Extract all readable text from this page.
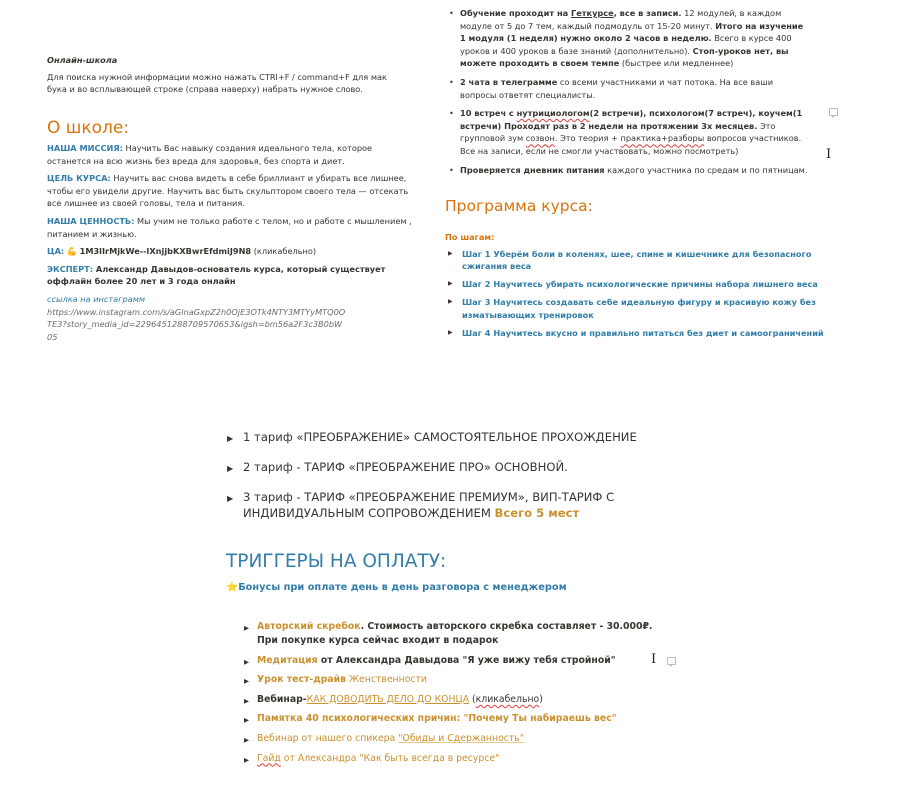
Онлайн-школа
Для поиска нужной информации можно нажать CTRl+F / command+F для мак бука и во всплывающей строке (справа наверху) набрать нужное слово.
О школе:
НАША МИССИЯ: Научить Вас навыку создания идеального тела, которое останется на всю жизнь без вреда для здоровья, без спорта и диет.
ЦЕЛЬ КУРСА: Научить вас снова видеть в себе бриллиант и убирать все лишнее, чтобы его увидели другие. Научить вас быть скульптором своего тела — отсекать все лишнее из своей головы, тела и питания.
НАША ЦЕННОСТЬ: Мы учим не только работе с телом, но и работе с мышлением , питанием и жизнью.
ЦА: 💪 1M3lIrMjkWe--lXnjjbKXBwrEfdmiJ9N8 (кликабельно)
ЭКСПЕРТ: Александр Давыдов-основатель курса, который существует оффлайн более 20 лет и 3 года онлайн
ссылка на инстаграмм
https://www.instagram.com/s/aGlnaGxpZ2h0OjE3OTk4NTY3MTYyMTQ0OTE3?story_media_id=2296451288709570653&igsh=bm56a2F3c3B0bW05
• Обучение проходит на Геткурсе, все в записи. 12 модулей, в каждом модуле от 5 до 7 тем, каждый подмодуль от 15-20 минут. Итого на изучение 1 модуля (1 неделя) нужно около 2 часов в неделю. Всего в курсе 400 уроков и 400 уроков в базе знаний (дополнительно). Стоп-уроков нет, вы можете проходить в своем темпе (быстрее или медленнее)
• 2 чата в телеграмме со всеми участниками и чат потока. На все ваши вопросы ответят специалисты.
• 10 встреч с нутрициологом(2 встречи), психологом(7 встреч), коучем(1 встречи) Проходят раз в 2 недели на протяжении 3х месяцев. Это групповой зум созвон. Это теория + практика+разборы вопросов участников. Все на записи, если не смогли участвовать, можно посмотреть)
• Проверяется дневник питания каждого участника по средам и по пятницам.
I
Программа курса:
По шагам:
▶ Шаг 1 Уберём боли в коленях, шее, спине и кишечнике для безопасного сжигания веса
▶ Шаг 2 Научитесь убирать психологические причины набора лишнего веса
▶ Шаг 3 Научитесь создавать себе идеальную фигуру и красивую кожу без изматывающих тренировок
▶ Шаг 4 Научитесь вкусно и правильно питаться без диет и самоограничений
▶ 1 тариф «ПРЕОБРАЖЕНИЕ» САМОСТОЯТЕЛЬНОЕ ПРОХОЖДЕНИЕ
▶ 2 тариф - ТАРИФ «ПРЕОБРАЖЕНИЕ ПРО» ОСНОВНОЙ.
▶ 3 тариф - ТАРИФ «ПРЕОБРАЖЕНИЕ ПРЕМИУМ», ВИП-ТАРИФ С ИНДИВИДУАЛЬНЫМ СОПРОВОЖДЕНИЕМ Всего 5 мест
ТРИГГЕРЫ НА ОПЛАТУ:
⭐Бонусы при оплате день в день разговора с менеджером
▶ Авторский скребок. Стоимость авторского скребка составляет - 30.000₽. При покупке курса сейчас входит в подарок
▶ Медитация от Александра Давыдова "Я уже вижу тебя стройной"
▶ Урок тест-драйв Женственности
▶ Вебинар-КАК ДОВОДИТЬ ДЕЛО ДО КОНЦА (кликабельно)
▶ Памятка 40 психологических причин: "Почему Ты набираешь вес"
▶ Вебинар от нашего спикера "Обиды и Сдержанность"
▶ Гайд от Александра "Как быть всегда в ресурсе"
I
